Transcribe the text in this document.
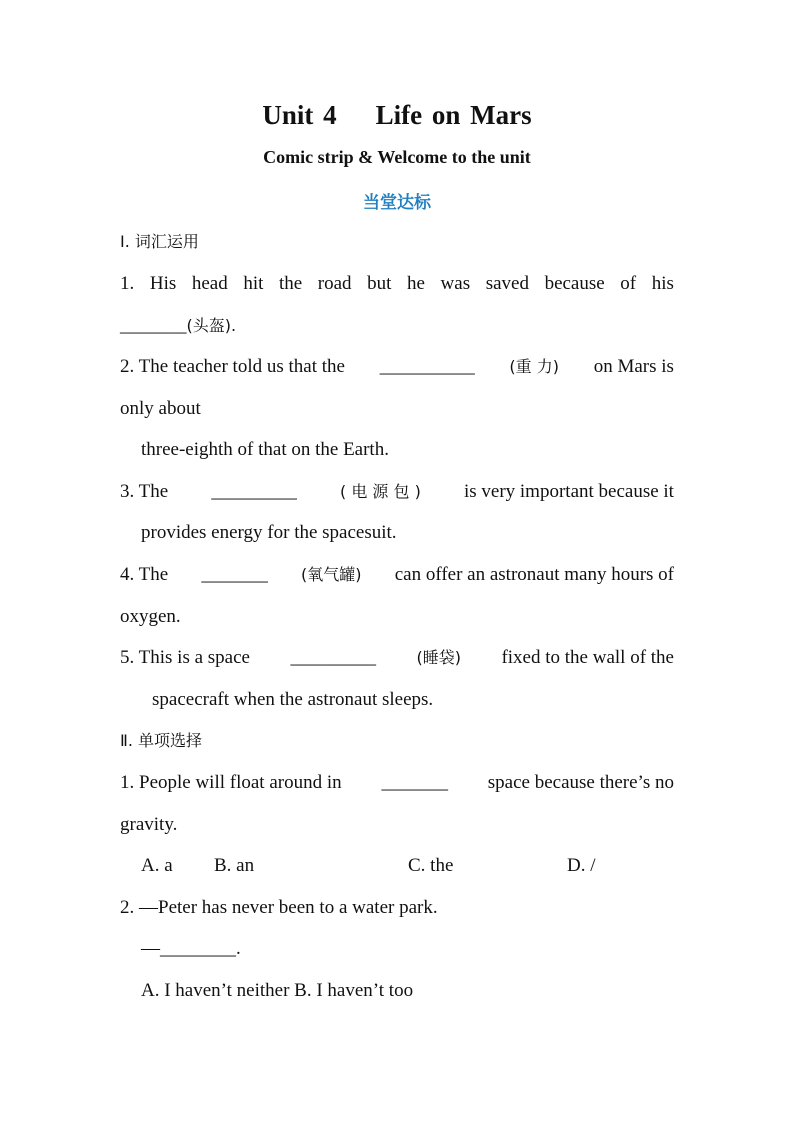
Unit 4    Life on Mars
Comic strip & Welcome to the unit
当堂达标
Ⅰ. 词汇运用
1. His head hit the road but he was saved because of his
_______(头盔).
2. The teacher told us that the __________ (重 力) on Mars is
only about
three-eighth of that on the Earth.
3. The _________	( 电 源 包 ) is very important because it
provides energy for the spacesuit.
4. The _______ (氧气罐) can offer an astronaut many hours of
oxygen.
5. This is a space _________	(睡袋) fixed to the wall of the
spacecraft when the astronaut sleeps.
Ⅱ. 单项选择
1. People will float around in _______ space because there’s no
gravity.
A. a B. an	C. the	D. /
2. —Peter has never been to a water park.
—________.
A. I haven’t neither B. I haven’t too
